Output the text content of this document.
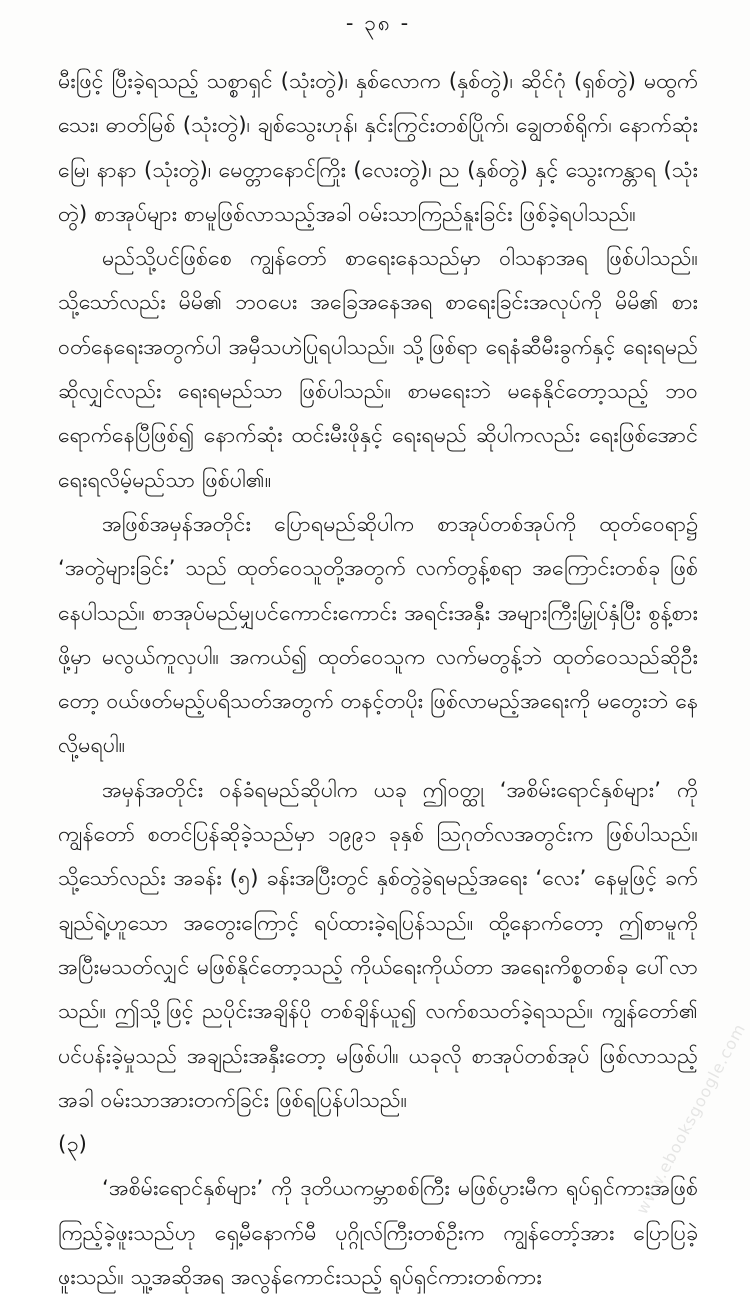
- ၃၈ -

မီးဖြင့် ပြီးခဲ့ရသည့် သစ္စာရှင် (သုံးတွဲ)၊ နှစ်လောက (နှစ်တွဲ)၊ ဆိုင်ဂုံ (ရှစ်တွဲ) မထွက်သေး၊ ဓာတ်မြစ် (သုံးတွဲ)၊ ချစ်သွေးဟုန်၊ နှင်းကြွင်းတစ်ပြိုက်၊ ချွေတစ်ရိုက်၊ နောက်ဆုံးမြေ၊ နာနာ (သုံးတွဲ)၊ မေတ္တာနောင်ကြိုး (လေးတွဲ)၊ ည (နှစ်တွဲ) နှင့် သွေးကန္တာရ (သုံးတွဲ) စာအုပ်များ စာမူဖြစ်လာသည့်အခါ ဝမ်းသာကြည်နူးခြင်း ဖြစ်ခဲ့ရပါသည်။

မည်သို့ပင်ဖြစ်စေ ကျွန်တော် စာရေးနေသည်မှာ ဝါသနာအရ ဖြစ်ပါသည်။ သို့သော်လည်း မိမိ၏ ဘဝပေး အခြေအနေအရ စာရေးခြင်းအလုပ်ကို မိမိ၏ စားဝတ်နေရေးအတွက်ပါ အမှီသဟဲပြုရပါသည်။ သို့ဖြစ်ရာ ရေနံဆီမီးခွက်နှင့် ရေးရမည်ဆိုလျှင်လည်း ရေးရမည်သာ ဖြစ်ပါသည်။ စာမရေးဘဲ မနေနိုင်တော့သည့် ဘဝရောက်နေပြီဖြစ်၍ နောက်ဆုံး ထင်းမီးဖိုနှင့် ရေးရမည် ဆိုပါကလည်း ရေးဖြစ်အောင် ရေးရလိမ့်မည်သာ ဖြစ်ပါ၏။

အဖြစ်အမှန်အတိုင်း ပြောရမည်ဆိုပါက စာအုပ်တစ်အုပ်ကို ထုတ်ဝေရာ၌ ‘အတွဲများခြင်း’ သည် ထုတ်ဝေသူတို့အတွက် လက်တွန့်စရာ အကြောင်းတစ်ခု ဖြစ်နေပါသည်။ စာအုပ်မည်မျှပင်ကောင်းကောင်း အရင်းအနှီး အများကြီးမြှုပ်နှံပြီး စွန့်စားဖို့မှာ မလွယ်ကူလှပါ။ အကယ်၍ ထုတ်ဝေသူက လက်မတွန့်ဘဲ ထုတ်ဝေသည်ဆိုဦးတော့ ဝယ်ဖတ်မည့်ပရိသတ်အတွက် တနင့်တပိုး ဖြစ်လာမည့်အရေးကို မတွေးဘဲ နေလို့မရပါ။

အမှန်အတိုင်း ဝန်ခံရမည်ဆိုပါက ယခု ဤဝတ္ထု ‘အစိမ်းရောင်နှစ်များ’ ကို ကျွန်တော် စတင်ပြန်ဆိုခဲ့သည်မှာ ၁၉၉၁ ခုနှစ် ဩဂုတ်လအတွင်းက ဖြစ်ပါသည်။ သို့သော်လည်း အခန်း (၅) ခန်းအပြီးတွင် နှစ်တွဲခွဲရမည့်အရေး ‘လေး’ နေမှုဖြင့် ခက်ချည်ရဲ့ဟူသော အတွေးကြောင့် ရပ်ထားခဲ့ရပြန်သည်။ ထို့နောက်တော့ ဤစာမူကို အပြီးမသတ်လျှင် မဖြစ်နိုင်တော့သည့် ကိုယ်ရေးကိုယ်တာ အရေးကိစ္စတစ်ခု ပေါ်လာသည်။ ဤသို့ဖြင့် ညပိုင်းအချိန်ပို တစ်ချိန်ယူ၍ လက်စသတ်ခဲ့ရသည်။ ကျွန်တော်၏ ပင်ပန်းခဲ့မှုသည် အချည်းအနှီးတော့ မဖြစ်ပါ။ ယခုလို စာအုပ်တစ်အုပ် ဖြစ်လာသည့်အခါ ဝမ်းသာအားတက်ခြင်း ဖြစ်ရပြန်ပါသည်။

(၃)

‘အစိမ်းရောင်နှစ်များ’ ကို ဒုတိယကမ္ဘာစစ်ကြီး မဖြစ်ပွားမီက ရုပ်ရှင်ကားအဖြစ် ကြည့်ခဲ့ဖူးသည်ဟု ရှေ့မီနောက်မီ ပုဂ္ဂိုလ်ကြီးတစ်ဦးက ကျွန်တော့်အား ပြောပြခဲ့ဖူးသည်။ သူ့အဆိုအရ အလွန်ကောင်းသည့် ရုပ်ရှင်ကားတစ်ကား

www.ebooksgoogle.com
